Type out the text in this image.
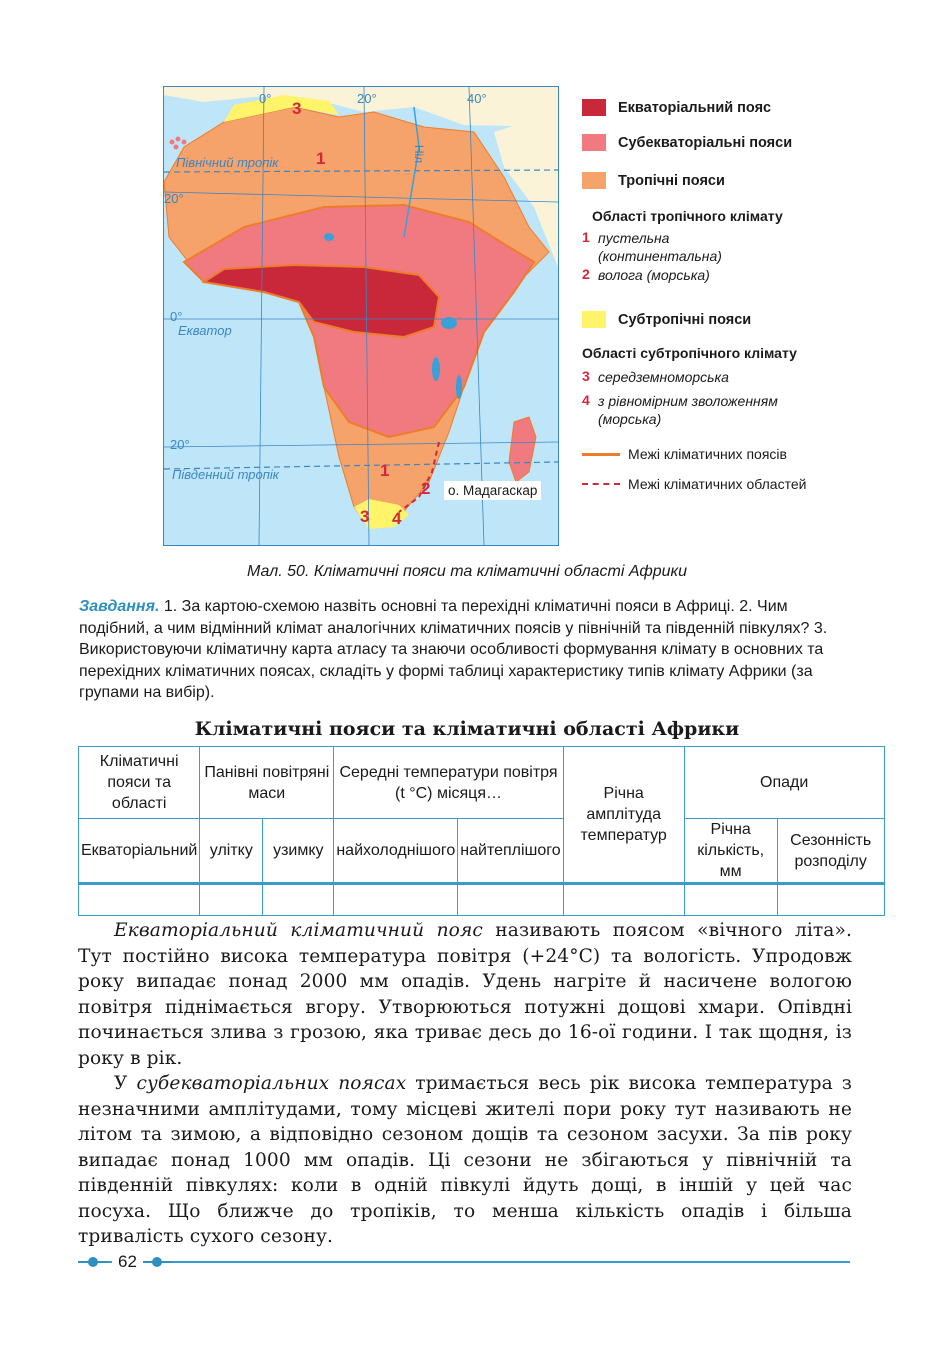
0°	20°	40°
20°
0°
20°
Північний тропік
Екватор
Південний тропік
Ніл
3
1
1
2
3 4
о. Мадагаскар
Екваторіальний пояс
Субекваторіальні пояси
Тропічні пояси
Області тропічного клімату
1 пустельна (континентальна)
2 волога (морська)
Субтропічні пояси
Області субтропічного клімату
3 середземноморська
4 з рівномірним зволоженням (морська)
Межі кліматичних поясів
Межі кліматичних областей
Мал. 50. Кліматичні пояси та кліматичні області Африки
Завдання. 1. За картою-схемою назвіть основні та перехідні кліматичні пояси в Африці. 2. Чим подібний, а чим відмінний клімат аналогічних кліматичних поясів у північній та південній півкулях? 3. Використовуючи кліматичну карта атласу та знаючи особливості формування клімату в основних та перехідних кліматичних поясах, складіть у формі таблиці характеристику типів клімату Африки (за групами на вибір).
Кліматичні пояси та кліматичні області Африки
Кліматичні пояси та області	Панівні повітряні маси		Середні температури повітря (t °C) місяця…		Річна амплітуда температур	Опади	
Екваторіальний	улітку	узимку	найхолоднішого	найтеплішого		Річна кількість, мм	Сезонність розподілу

Екваторіальний кліматичний пояс називають поясом «вічного літа». Тут постійно висока температура повітря (+24°C) та вологість. Упродовж року випадає понад 2000 мм опадів. Удень нагріте й насичене вологою повітря піднімається вгору. Утворюються потужні дощові хмари. Опівдні починається злива з грозою, яка триває десь до 16-ої години. І так щодня, із року в рік.
У субекваторіальних поясах тримається весь рік висока температура з незначними амплітудами, тому місцеві жителі пори року тут називають не літом та зимою, а відповідно сезоном дощів та сезоном засухи. За пів року випадає понад 1000 мм опадів. Ці сезони не збігаються у північній та південній півкулях: коли в одній півкулі йдуть дощі, в іншій у цей час посуха. Що ближче до тропіків, то менша кількість опадів і більша тривалість сухого сезону.
62
